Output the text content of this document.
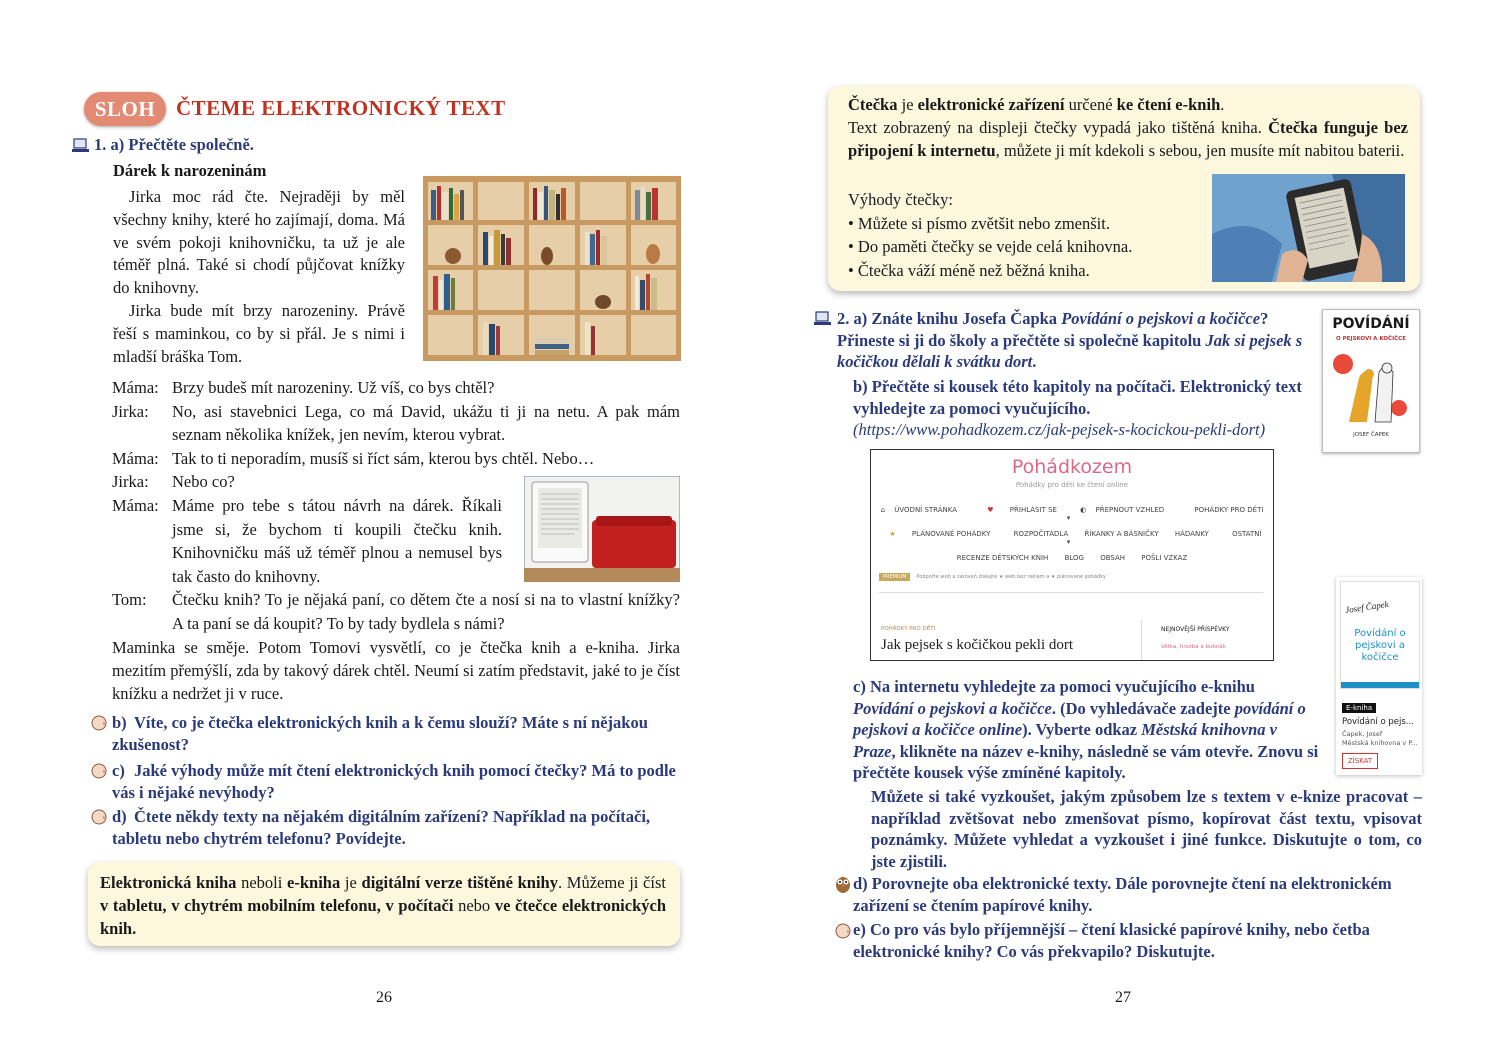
SLOH ČTEME ELEKTRONICKÝ TEXT
1. a) Přečtěte společně.
Dárek k narozeninám

Jirka moc rád čte. Nejraději by měl všechny knihy, které ho zajímají, doma. Má ve svém pokoji knihovničku, ta už je ale téměř plná. Také si chodí půjčovat knížky do knihovny.

Jirka bude mít brzy narozeniny. Právě řeší s maminkou, co by si přál. Je s nimi i mladší bráška Tom.

Máma: Brzy budeš mít narozeniny. Už víš, co bys chtěl?
Jirka:	No, asi stavebnici Lega, co má David, ukážu ti ji na netu. A pak mám seznam několika knížek, jen nevím, kterou vybrat.
Máma: Tak to ti neporadím, musíš si říct sám, kterou bys chtěl. Nebo…
Jirka:	Nebo co?
Máma: Máme pro tebe s tátou návrh na dárek. Říkali jsme si, že bychom ti koupili čtečku knih. Knihovničku máš už téměř plnou a nemusel bys tak často do knihovny.
Tom:	Čtečku knih? To je nějaká paní, co dětem čte a nosí si na to vlastní knížky? A ta paní se dá koupit? To by tady bydlela s námi?
Maminka se směje. Potom Tomovi vysvětlí, co je čtečka knih a e-kniha. Jirka mezitím přemýšlí, zda by takový dárek chtěl. Neumí si zatím představit, jaké to je číst knížku a nedržet ji v ruce.
b) Víte, co je čtečka elektronických knih a k čemu slouží? Máte s ní nějakou zkušenost?
c) Jaké výhody může mít čtení elektronických knih pomocí čtečky? Má to podle vás i nějaké nevýhody?
d) Čtete někdy texty na nějakém digitálním zařízení? Například na počítači, tabletu nebo chytrém telefonu? Povídejte.
Elektronická kniha neboli e-kniha je digitální verze tištěné knihy. Můžeme ji číst v tabletu, v chytrém mobilním telefonu, v počítači nebo ve čtečce elektronických knih.
26
Čtečka je elektronické zařízení určené ke čtení e-knih.
Text zobrazený na displeji čtečky vypadá jako tištěná kniha. Čtečka funguje bez připojení k internetu, můžete ji mít kdekoli s sebou, jen musíte mít nabitou baterii.
Výhody čtečky:
• Můžete si písmo zvětšit nebo zmenšit.
• Do paměti čtečky se vejde celá knihovna.
• Čtečka váží méně než běžná kniha.
2. a) Znáte knihu Josefa Čapka Povídání o pejskovi a kočičce? Přineste si ji do školy a přečtěte si společně kapitolu Jak si pejsek s kočičkou dělali k svátku dort.
b) Přečtěte si kousek této kapitoly na počítači. Elektronický text vyhledejte za pomoci vyučujícího. (https://www.pohadkozem.cz/jak-pejsek-s-kocickou-pekli-dort)
POVÍDÁNÍ
O PEJSKOVI A KOČIČCE
JOSEF ČAPEK
Pohádkozem
Pohádky pro děti ke čtení online
⌂ ÚVODNÍ STRÁNKA	♥ PŘIHLÁSIT SE	◐ PŘEPNOUT VZHLED	POHÁDKY PRO DĚTI ▾
★ PLÁNOVANÉ POHÁDKY	ROZPOČITADLA ŘÍKANKY A BÁSNIČKY HÁDANKY	OSTATNÍ ▾
RECENZE DĚTSKÝCH KNIH BLOG OBSAH POŠLI VZKAZ
PREMIUM Podpořte web a zároveň získejte ★ web bez reklam a ★ plánované pohádky
POHÁDKY PRO DĚTI
Jak pejsek s kočičkou pekli dort
NEJNOVĚJŠÍ PŘÍSPĚVKY
Větka, hrozba a bubnák
Josef Čapek
Povídání o pejskovi a kočičce
E-kniha
Povídání o pejs...
Čapek, Josef
Městská knihovna v P...
ZÍSKAT
c) Na internetu vyhledejte za pomoci vyučujícího e-knihu Povídání o pejskovi a kočičce. (Do vyhledávače zadejte povídání o pejskovi a kočičce online). Vyberte odkaz Městská knihovna v Praze, klikněte na název e-knihy, následně se vám otevře. Znovu si přečtěte kousek výše zmíněné kapitoly.
Můžete si také vyzkoušet, jakým způsobem lze s textem v e-knize pracovat – například zvětšovat nebo zmenšovat písmo, kopírovat část textu, vpisovat poznámky. Můžete vyhledat a vyzkoušet i jiné funkce. Diskutujte o tom, co jste zjistili.
d) Porovnejte oba elektronické texty. Dále porovnejte čtení na elektronickém zařízení se čtením papírové knihy.
e) Co pro vás bylo příjemnější – čtení klasické papírové knihy, nebo četba elektronické knihy? Co vás překvapilo? Diskutujte.
27
